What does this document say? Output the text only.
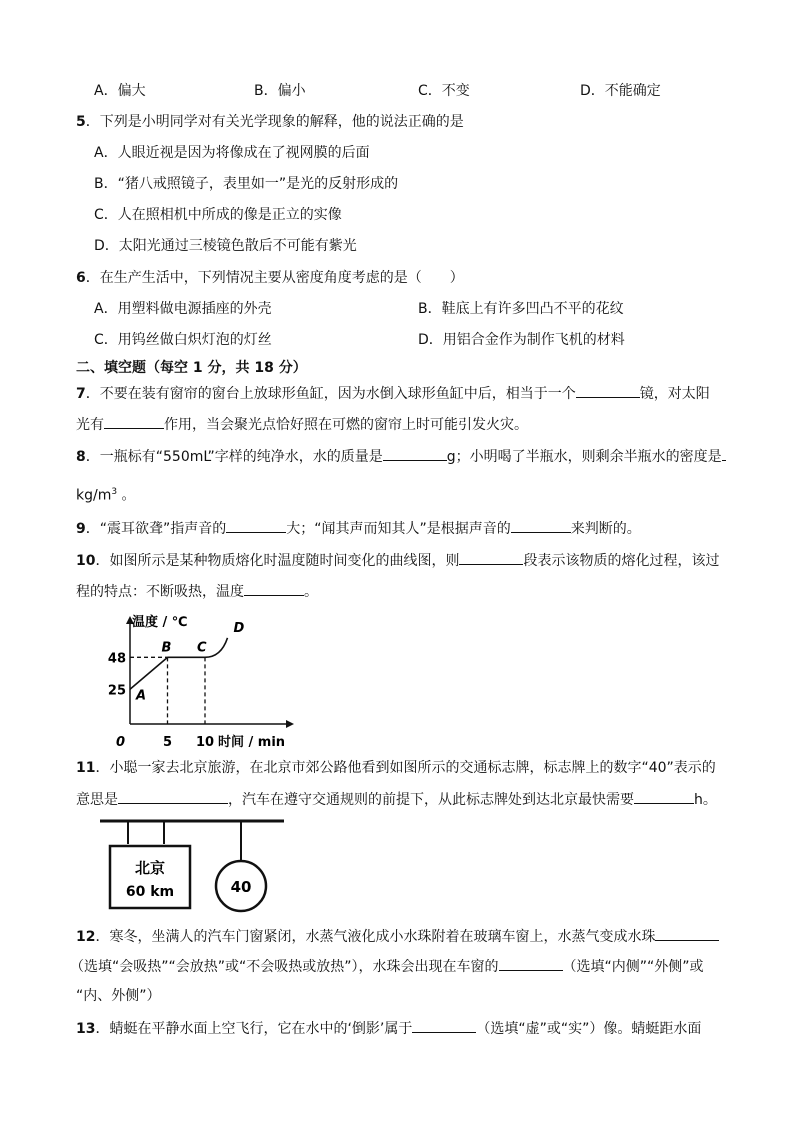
A．偏大	B．偏小	C．不变	D．不能确定
5．下列是小明同学对有关光学现象的解释，他的说法正确的是
A．人眼近视是因为将像成在了视网膜的后面
B．“猪八戒照镜子，表里如一”是光的反射形成的
C．人在照相机中所成的像是正立的实像
D．太阳光通过三棱镜色散后不可能有紫光
6．在生产生活中，下列情况主要从密度角度考虑的是（　　）
A．用塑料做电源插座的外壳	B．鞋底上有许多凹凸不平的花纹
C．用钨丝做白炽灯泡的灯丝	D．用铝合金作为制作飞机的材料
二、填空题（每空 1 分，共 18 分）
7．不要在装有窗帘的窗台上放球形鱼缸，因为水倒入球形鱼缸中后，相当于一个	镜，对太阳
光有	作用，当会聚光点恰好照在可燃的窗帘上时可能引发火灾。
8．一瓶标有“550mL”字样的纯净水，水的质量是	g；小明喝了半瓶水，则剩余半瓶水的密度是
$kg/m^3$ 。
9．“震耳欲聋”指声音的	大；“闻其声而知其人”是根据声音的	来判断的。
10．如图所示是某种物质熔化时温度随时间变化的曲线图，则	段表示该物质的熔化过程，该过
程的特点：不断吸热，温度	。
温度 / ℃
时间 / min
0	5 10
25
48
A
B C
D
11．小聪一家去北京旅游，在北京市郊公路他看到如图所示的交通标志牌，标志牌上的数字“40”表示的
意思是	，汽车在遵守交通规则的前提下，从此标志牌处到达北京最快需要	h。
北京
60 km	40
12．寒冬，坐满人的汽车门窗紧闭，水蒸气液化成小水珠附着在玻璃车窗上，水蒸气变成水珠
（选填“会吸热”“会放热”或“不会吸热或放热”），水珠会出现在车窗的	（选填“内侧”“外侧”或
“内、外侧”）
13．蜻蜓在平静水面上空飞行，它在水中的‘倒影’属于	（选填“虚”或“实”）像。蜻蜓距水面
